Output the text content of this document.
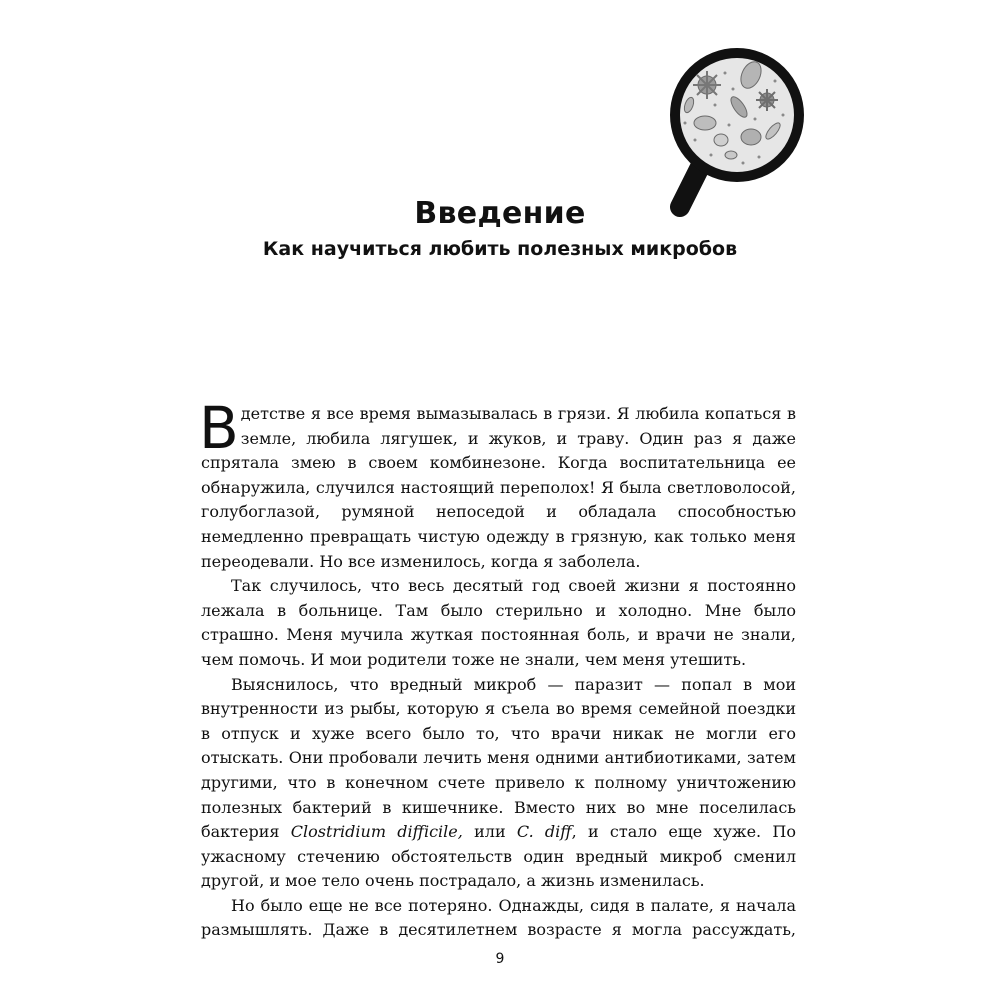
Введение
Как научиться любить полезных микробов

Вдетстве я все время вымазывалась в грязи. Я любила копаться в земле, любила лягушек, и жуков, и траву. Один раз я даже спрятала змею в своем комбинезоне. Когда воспитательница ее обнаружила, случился настоящий переполох! Я была светловолосой, голубоглазой, румяной непоседой и обладала способностью немедленно превращать чистую одежду в грязную, как только меня переодевали. Но все изменилось, когда я заболела.

Так случилось, что весь десятый год своей жизни я постоянно лежала в больнице. Там было стерильно и холодно. Мне было страшно. Меня мучила жуткая постоянная боль, и врачи не знали, чем помочь. И мои родители тоже не знали, чем меня утешить.

Выяснилось, что вредный микроб — паразит — попал в мои внутренности из рыбы, которую я съела во время семейной поездки в отпуск и хуже всего было то, что врачи никак не могли его отыскать. Они пробовали лечить меня одними антибиотиками, затем другими, что в конечном счете привело к полному уничтожению полезных бактерий в кишечнике. Вместо них во мне поселилась бактерия Clostridium difficile, или C. diff, и стало еще хуже. По ужасному стечению обстоятельств один вредный микроб сменил другой, и мое тело очень пострадало, а жизнь изменилась.

Но было еще не все потеряно. Однажды, сидя в палате, я начала размышлять. Даже в десятилетнем возрасте я могла рассуждать,

9
